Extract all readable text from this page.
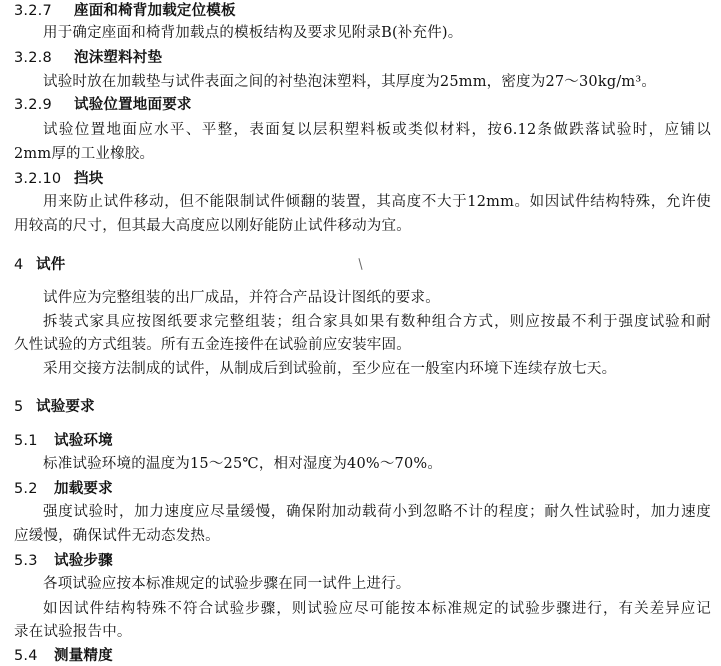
3.2.7 座面和椅背加载定位模板
用于确定座面和椅背加载点的模板结构及要求见附录B(补充件)。
3.2.8 泡沫塑料衬垫
试验时放在加载垫与试件表面之间的衬垫泡沫塑料，其厚度为25mm，密度为27～30kg/m³。
3.2.9 试验位置地面要求
试验位置地面应水平、平整，表面复以层积塑料板或类似材料，按6.12条做跌落试验时，应铺以
2mm厚的工业橡胶。
3.2.10 挡块
用来防止试件移动，但不能限制试件倾翻的装置，其高度不大于12mm。如因试件结构特殊，允许使
用较高的尺寸，但其最大高度应以刚好能防止试件移动为宜。
4 试件
试件应为完整组装的出厂成品，并符合产品设计图纸的要求。
拆装式家具应按图纸要求完整组装；组合家具如果有数种组合方式，则应按最不利于强度试验和耐
久性试验的方式组装。所有五金连接件在试验前应安装牢固。
采用交接方法制成的试件，从制成后到试验前，至少应在一般室内环境下连续存放七天。
5 试验要求
5.1 试验环境
标准试验环境的温度为15～25℃，相对湿度为40%～70%。
5.2 加载要求
强度试验时，加力速度应尽量缓慢，确保附加动载荷小到忽略不计的程度；耐久性试验时，加力速度
应缓慢，确保试件无动态发热。
5.3 试验步骤
各项试验应按本标准规定的试验步骤在同一试件上进行。
如因试件结构特殊不符合试验步骤，则试验应尽可能按本标准规定的试验步骤进行，有关差异应记
录在试验报告中。
5.4 测量精度
